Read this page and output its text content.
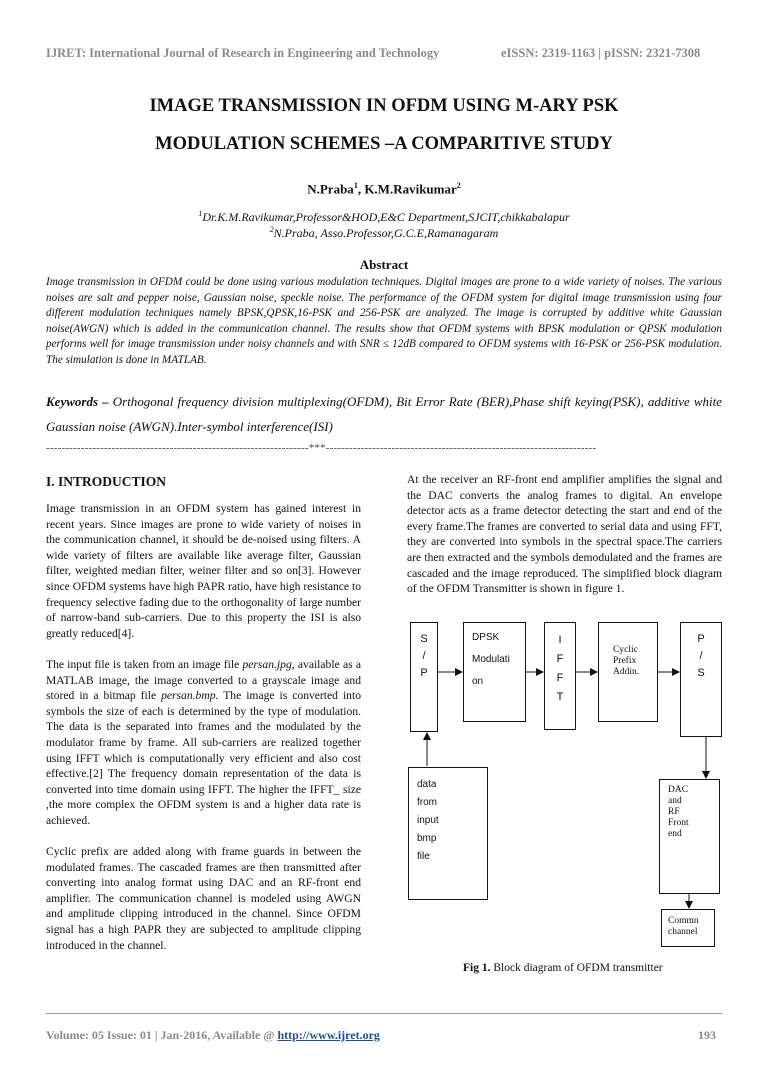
IJRET: International Journal of Research in Engineering and Technology	eISSN: 2319-1163 | pISSN: 2321-7308
IMAGE TRANSMISSION IN OFDM USING M-ARY PSK
MODULATION SCHEMES –A COMPARITIVE STUDY
N.Praba$^1$, K.M.Ravikumar$^2$
$^1$Dr.K.M.Ravikumar,Professor&HOD,E&C Department,SJCIT,chikkabalapur
$^2$N.Praba, Asso.Professor,G.C.E,Ramanagaram
Abstract

Image transmission in OFDM could be done using various modulation techniques. Digital images are prone to a wide variety of noises. The various noises are salt and pepper noise, Gaussian noise, speckle noise. The performance of the OFDM system for digital image transmission using four different modulation techniques namely BPSK,QPSK,16-PSK and 256-PSK are analyzed. The image is corrupted by additive white Gaussian noise(AWGN) which is added in the communication channel. The results show that OFDM systems with BPSK modulation or QPSK modulation performs well for image transmission under noisy channels and with SNR ≤ 12dB compared to OFDM systems with 16-PSK or 256-PSK modulation. The simulation is done in MATLAB.

Keywords – Orthogonal frequency division multiplexing(OFDM), Bit Error Rate (BER),Phase shift keying(PSK), additive white Gaussian noise (AWGN).Inter-symbol interference(ISI)

--------------------------------------------------------------------***----------------------------------------------------------------------
I. INTRODUCTION

Image transmission in an OFDM system has gained interest in recent years. Since images are prone to wide variety of noises in the communication channel, it should be de-noised using filters. A wide variety of filters are available like average filter, Gaussian filter, weighted median filter, weiner filter and so on[3]. However since OFDM systems have high PAPR ratio, have high resistance to frequency selective fading due to the orthogonality of large number of narrow-band sub-carriers. Due to this property the ISI is also greatly reduced[4].

The input file is taken from an image file persan.jpg, available as a MATLAB image, the image converted to a grayscale image and stored in a bitmap file persan.bmp. The image is converted into symbols the size of each is determined by the type of modulation. The data is the separated into frames and the modulated by the modulator frame by frame. All sub-carriers are realized together using IFFT which is computationally very efficient and also cost effective.[2] The frequency domain representation of the data is converted into time domain using IFFT. The higher the IFFT_ size ,the more complex the OFDM system is and a higher data rate is achieved.

Cyclic prefix are added along with frame guards in between the modulated frames. The cascaded frames are then transmitted after converting into analog format using DAC and an RF-front end amplifier. The communication channel is modeled using AWGN and amplitude clipping introduced in the channel. Since OFDM signal has a high PAPR they are subjected to amplitude clipping introduced in the channel.

At the receiver an RF-front end amplifier amplifies the signal and the DAC converts the analog frames to digital. An envelope detector acts as a frame detector detecting the start and end of the every frame.The frames are converted to serial data and using FFT, they are converted into symbols in the spectral space.The carriers are then extracted and the symbols demodulated and the frames are cascaded and the image reproduced. The simplified block diagram of the OFDM Transmitter is shown in figure 1.

S
/
P
DPSK
Modulati
on
I
F
F
T
Cyclic
Prefix
Addin.
P
/
S
data
from
input
bmp
file
DAC
and
RF
Front
end
Commn
channel
Fig 1. Block diagram of OFDM transmitter
Volume: 05 Issue: 01 | Jan-2016, Available @ http://www.ijret.org	193
